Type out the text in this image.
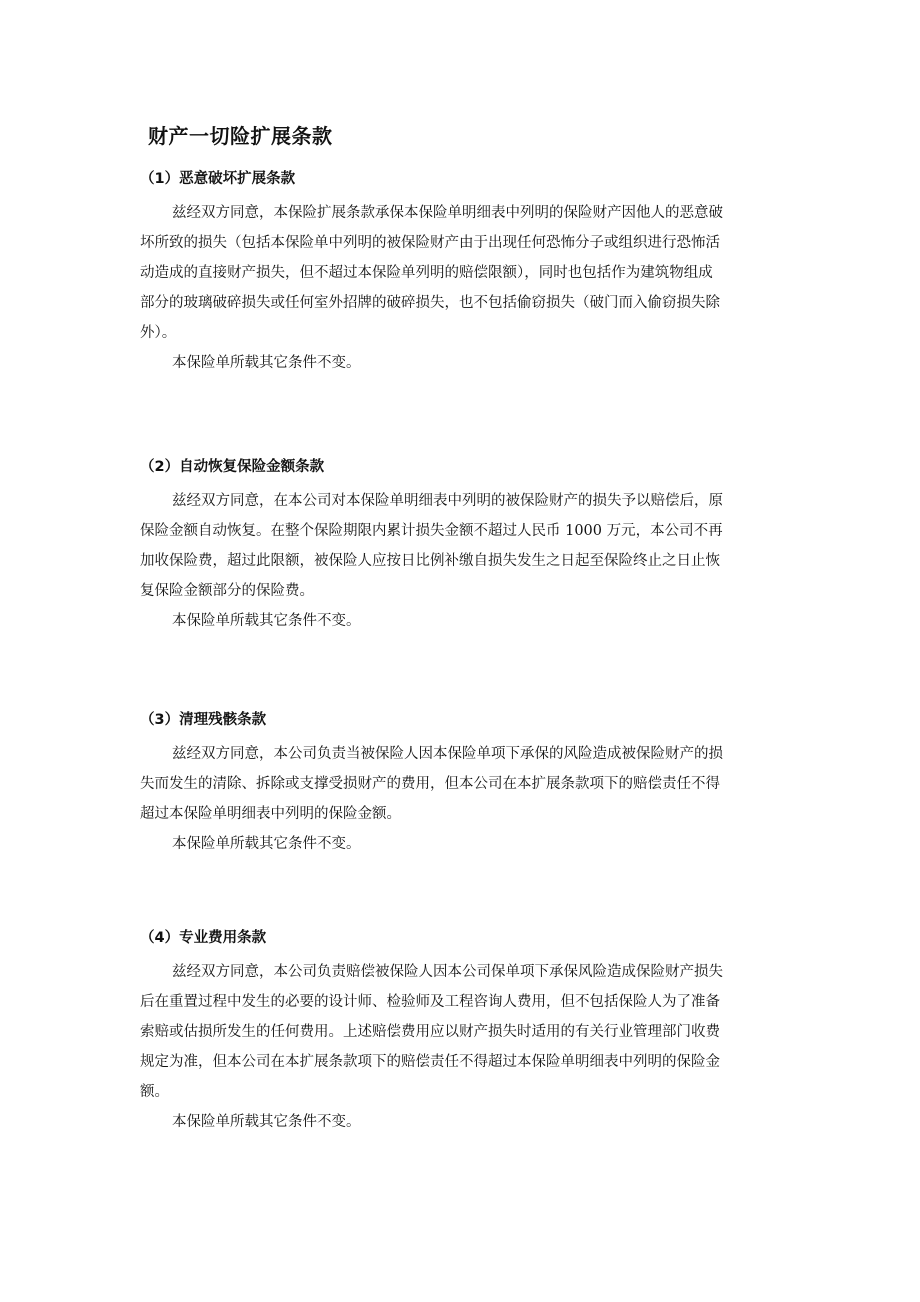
财产一切险扩展条款

（1）恶意破坏扩展条款

兹经双方同意，本保险扩展条款承保本保险单明细表中列明的保险财产因他人的恶意破

坏所致的损失（包括本保险单中列明的被保险财产由于出现任何恐怖分子或组织进行恐怖活

动造成的直接财产损失，但不超过本保险单列明的赔偿限额），同时也包括作为建筑物组成

部分的玻璃破碎损失或任何室外招牌的破碎损失，也不包括偷窃损失（破门而入偷窃损失除

外）。

本保险单所载其它条件不变。

（2）自动恢复保险金额条款

兹经双方同意，在本公司对本保险单明细表中列明的被保险财产的损失予以赔偿后，原

保险金额自动恢复。在整个保险期限内累计损失金额不超过人民币 1000 万元，本公司不再

加收保险费，超过此限额，被保险人应按日比例补缴自损失发生之日起至保险终止之日止恢

复保险金额部分的保险费。

本保险单所载其它条件不变。

（3）清理残骸条款

兹经双方同意，本公司负责当被保险人因本保险单项下承保的风险造成被保险财产的损

失而发生的清除、拆除或支撑受损财产的费用，但本公司在本扩展条款项下的赔偿责任不得

超过本保险单明细表中列明的保险金额。

本保险单所载其它条件不变。

（4）专业费用条款

兹经双方同意，本公司负责赔偿被保险人因本公司保单项下承保风险造成保险财产损失

后在重置过程中发生的必要的设计师、检验师及工程咨询人费用，但不包括保险人为了准备

索赔或估损所发生的任何费用。上述赔偿费用应以财产损失时适用的有关行业管理部门收费

规定为准，但本公司在本扩展条款项下的赔偿责任不得超过本保险单明细表中列明的保险金

额。

本保险单所载其它条件不变。
